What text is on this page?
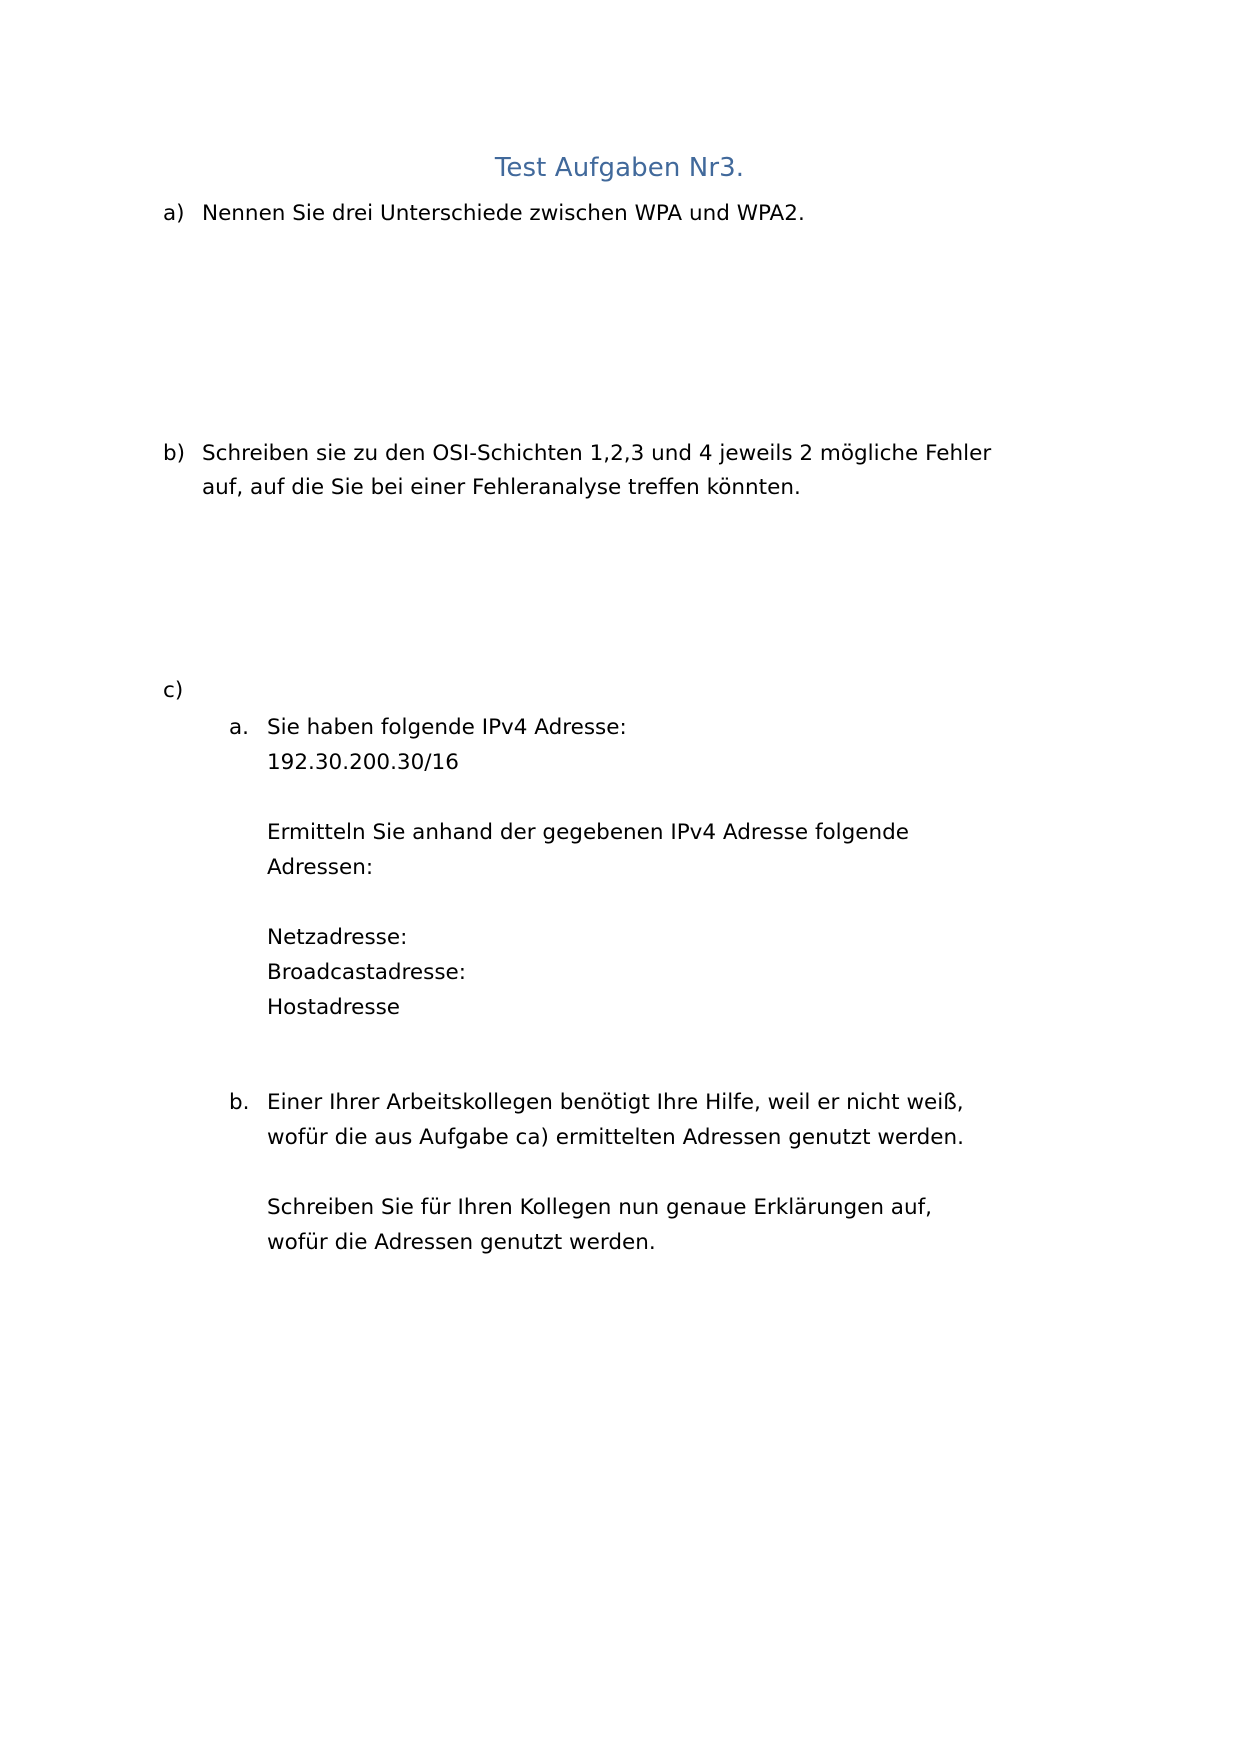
Test Aufgaben Nr3.
a) Nennen Sie drei Unterschiede zwischen WPA und WPA2.
b) Schreiben sie zu den OSI-Schichten 1,2,3 und 4 jeweils 2 mögliche Fehler
auf, auf die Sie bei einer Fehleranalyse treffen könnten.
c)
a. Sie haben folgende IPv4 Adresse:
192.30.200.30/16
Ermitteln Sie anhand der gegebenen IPv4 Adresse folgende
Adressen:
Netzadresse:
Broadcastadresse:
Hostadresse
b. Einer Ihrer Arbeitskollegen benötigt Ihre Hilfe, weil er nicht weiß,
wofür die aus Aufgabe ca) ermittelten Adressen genutzt werden.
Schreiben Sie für Ihren Kollegen nun genaue Erklärungen auf,
wofür die Adressen genutzt werden.
